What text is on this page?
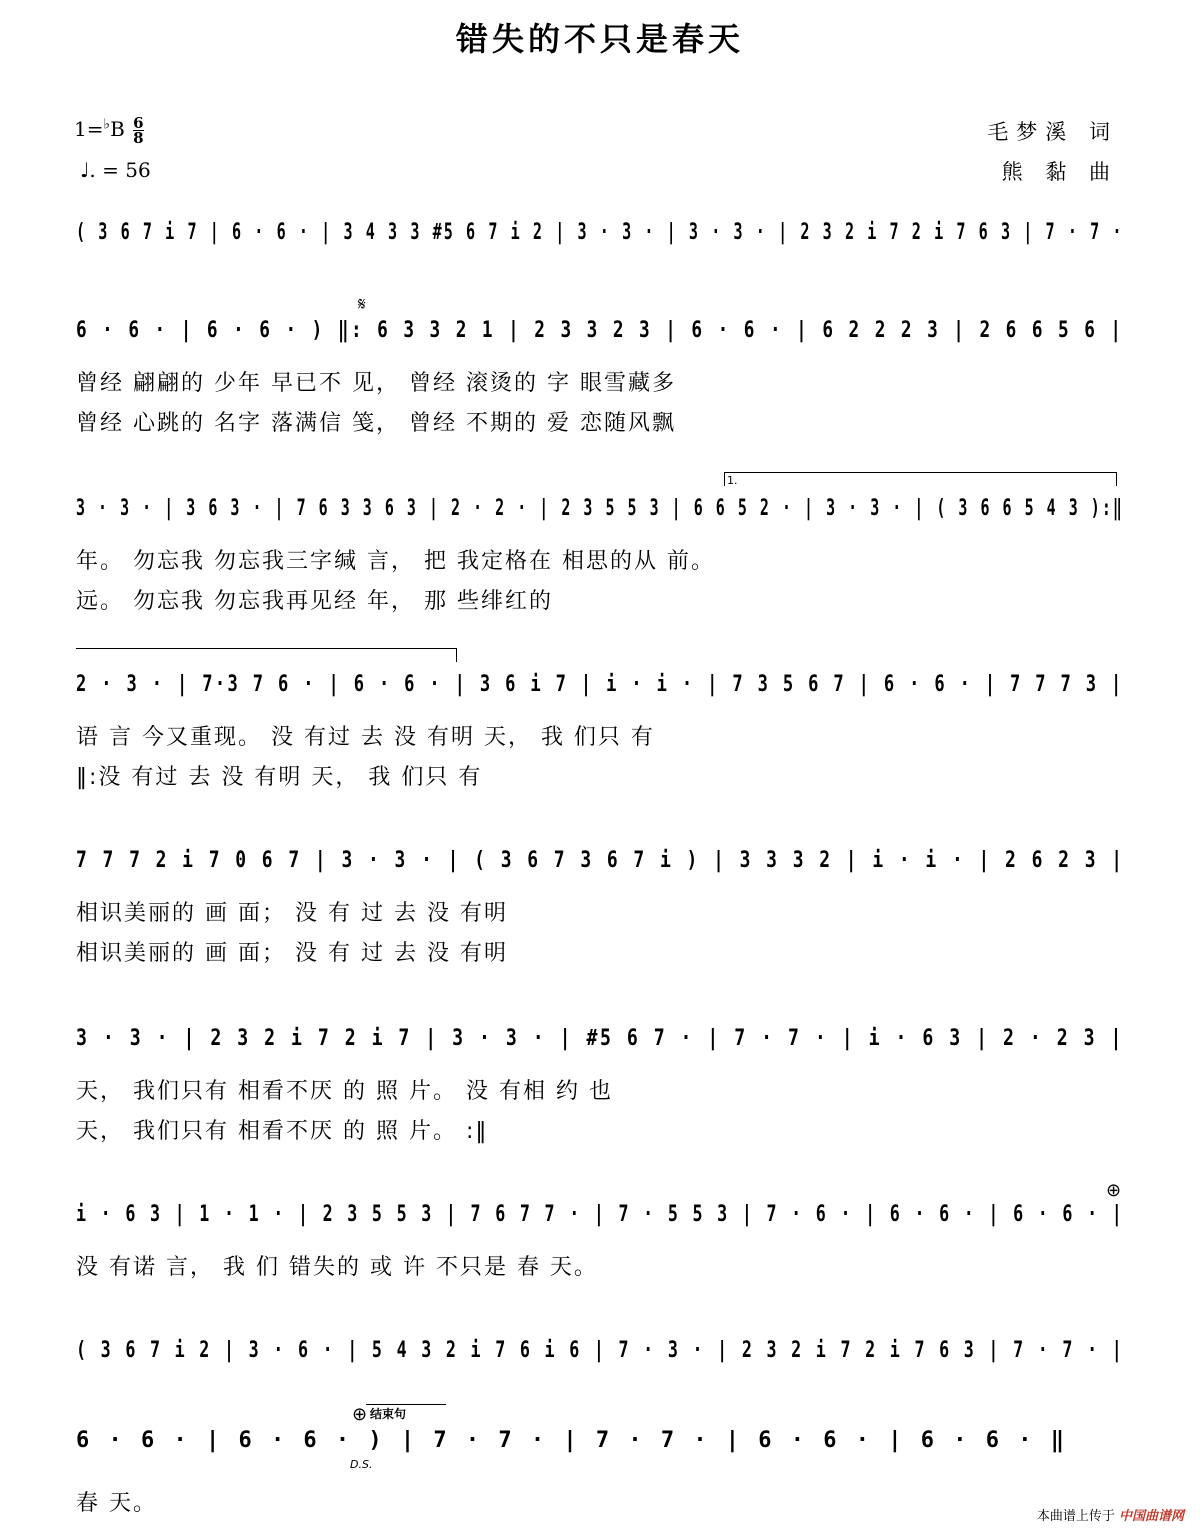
错失的不只是春天
$1=^♭B \frac{6}{8}$
♩. = 56
毛梦溪 词
熊 黏 曲
( 3 6 7 i 7 | 6 · 6 · | 3 4 3 3 #5 6 7 i 2 | 3 · 3 · | 3 · 3 · | 2 3 2 i 7 2 i 7 6 3 | 7 · 7 ·
𝄋
6 · 6 · | 6 · 6 · ) ‖: 6 3 3 2 1 | 2 3 3 2 3 | 6 · 6 · | 6 2 2 2 3 | 2 6 6 5 6 |
曾经 翩翩的 少年 早已不 见， 曾经 滚烫的 字 眼雪藏多
曾经 心跳的 名字 落满信 笺， 曾经 不期的 爱 恋随风飘
1.
3 · 3 · | 3 6 3 · | 7 6 3 3 6 3 | 2 · 2 · | 2 3 5 5 3 | 6 6 5 2 · | 3 · 3 · | ( 3 6 6 5 4 3 ):‖
年。 勿忘我 勿忘我三字缄 言， 把 我定格在 相思的从 前。
远。 勿忘我 勿忘我再见经 年， 那 些绯红的
2 · 3 · | 7·3 7 6 · | 6 · 6 · | 3 6 i 7 | i · i · | 7 3 5 6 7 | 6 · 6 · | 7 7 7 3 |
语 言 今又重现。 没 有过 去 没 有明 天， 我 们只 有
‖:没 有过 去 没 有明 天， 我 们只 有
7 7 7 2 i 7 0 6 7 | 3 · 3 · | ( 3 6 7 3 6 7 i ) | 3 3 3 2 | i · i · | 2 6 2 3 |
相识美丽的 画 面； 没 有 过 去 没 有明
相识美丽的 画 面； 没 有 过 去 没 有明
3 · 3 · | 2 3 2 i 7 2 i 7 | 3 · 3 · | #5 6 7 · | 7 · 7 · | i · 6 3 | 2 · 2 3 |
天， 我们只有 相看不厌 的 照 片。 没 有相 约 也
天， 我们只有 相看不厌 的 照 片。 :‖
⊕
i · 6 3 | 1 · 1 · | 2 3 5 5 3 | 7 6 7 7 · | 7 · 5 5 3 | 7 · 6 · | 6 · 6 · | 6 · 6 · |
没 有诺 言， 我 们 错失的 或 许 不只是 春 天。
( 3 6 7 i 2 | 3 · 6 · | 5 4 3 2 i 7 6 i 6 | 7 · 3 · | 2 3 2 i 7 2 i 7 6 3 | 7 · 7 · |
⊕ 结束句
D.S.
6 · 6 · | 6 · 6 · ) | 7 · 7 · | 7 · 7 · | 6 · 6 · | 6 · 6 · ‖
春 天。
本曲谱上传于 中国曲谱网
